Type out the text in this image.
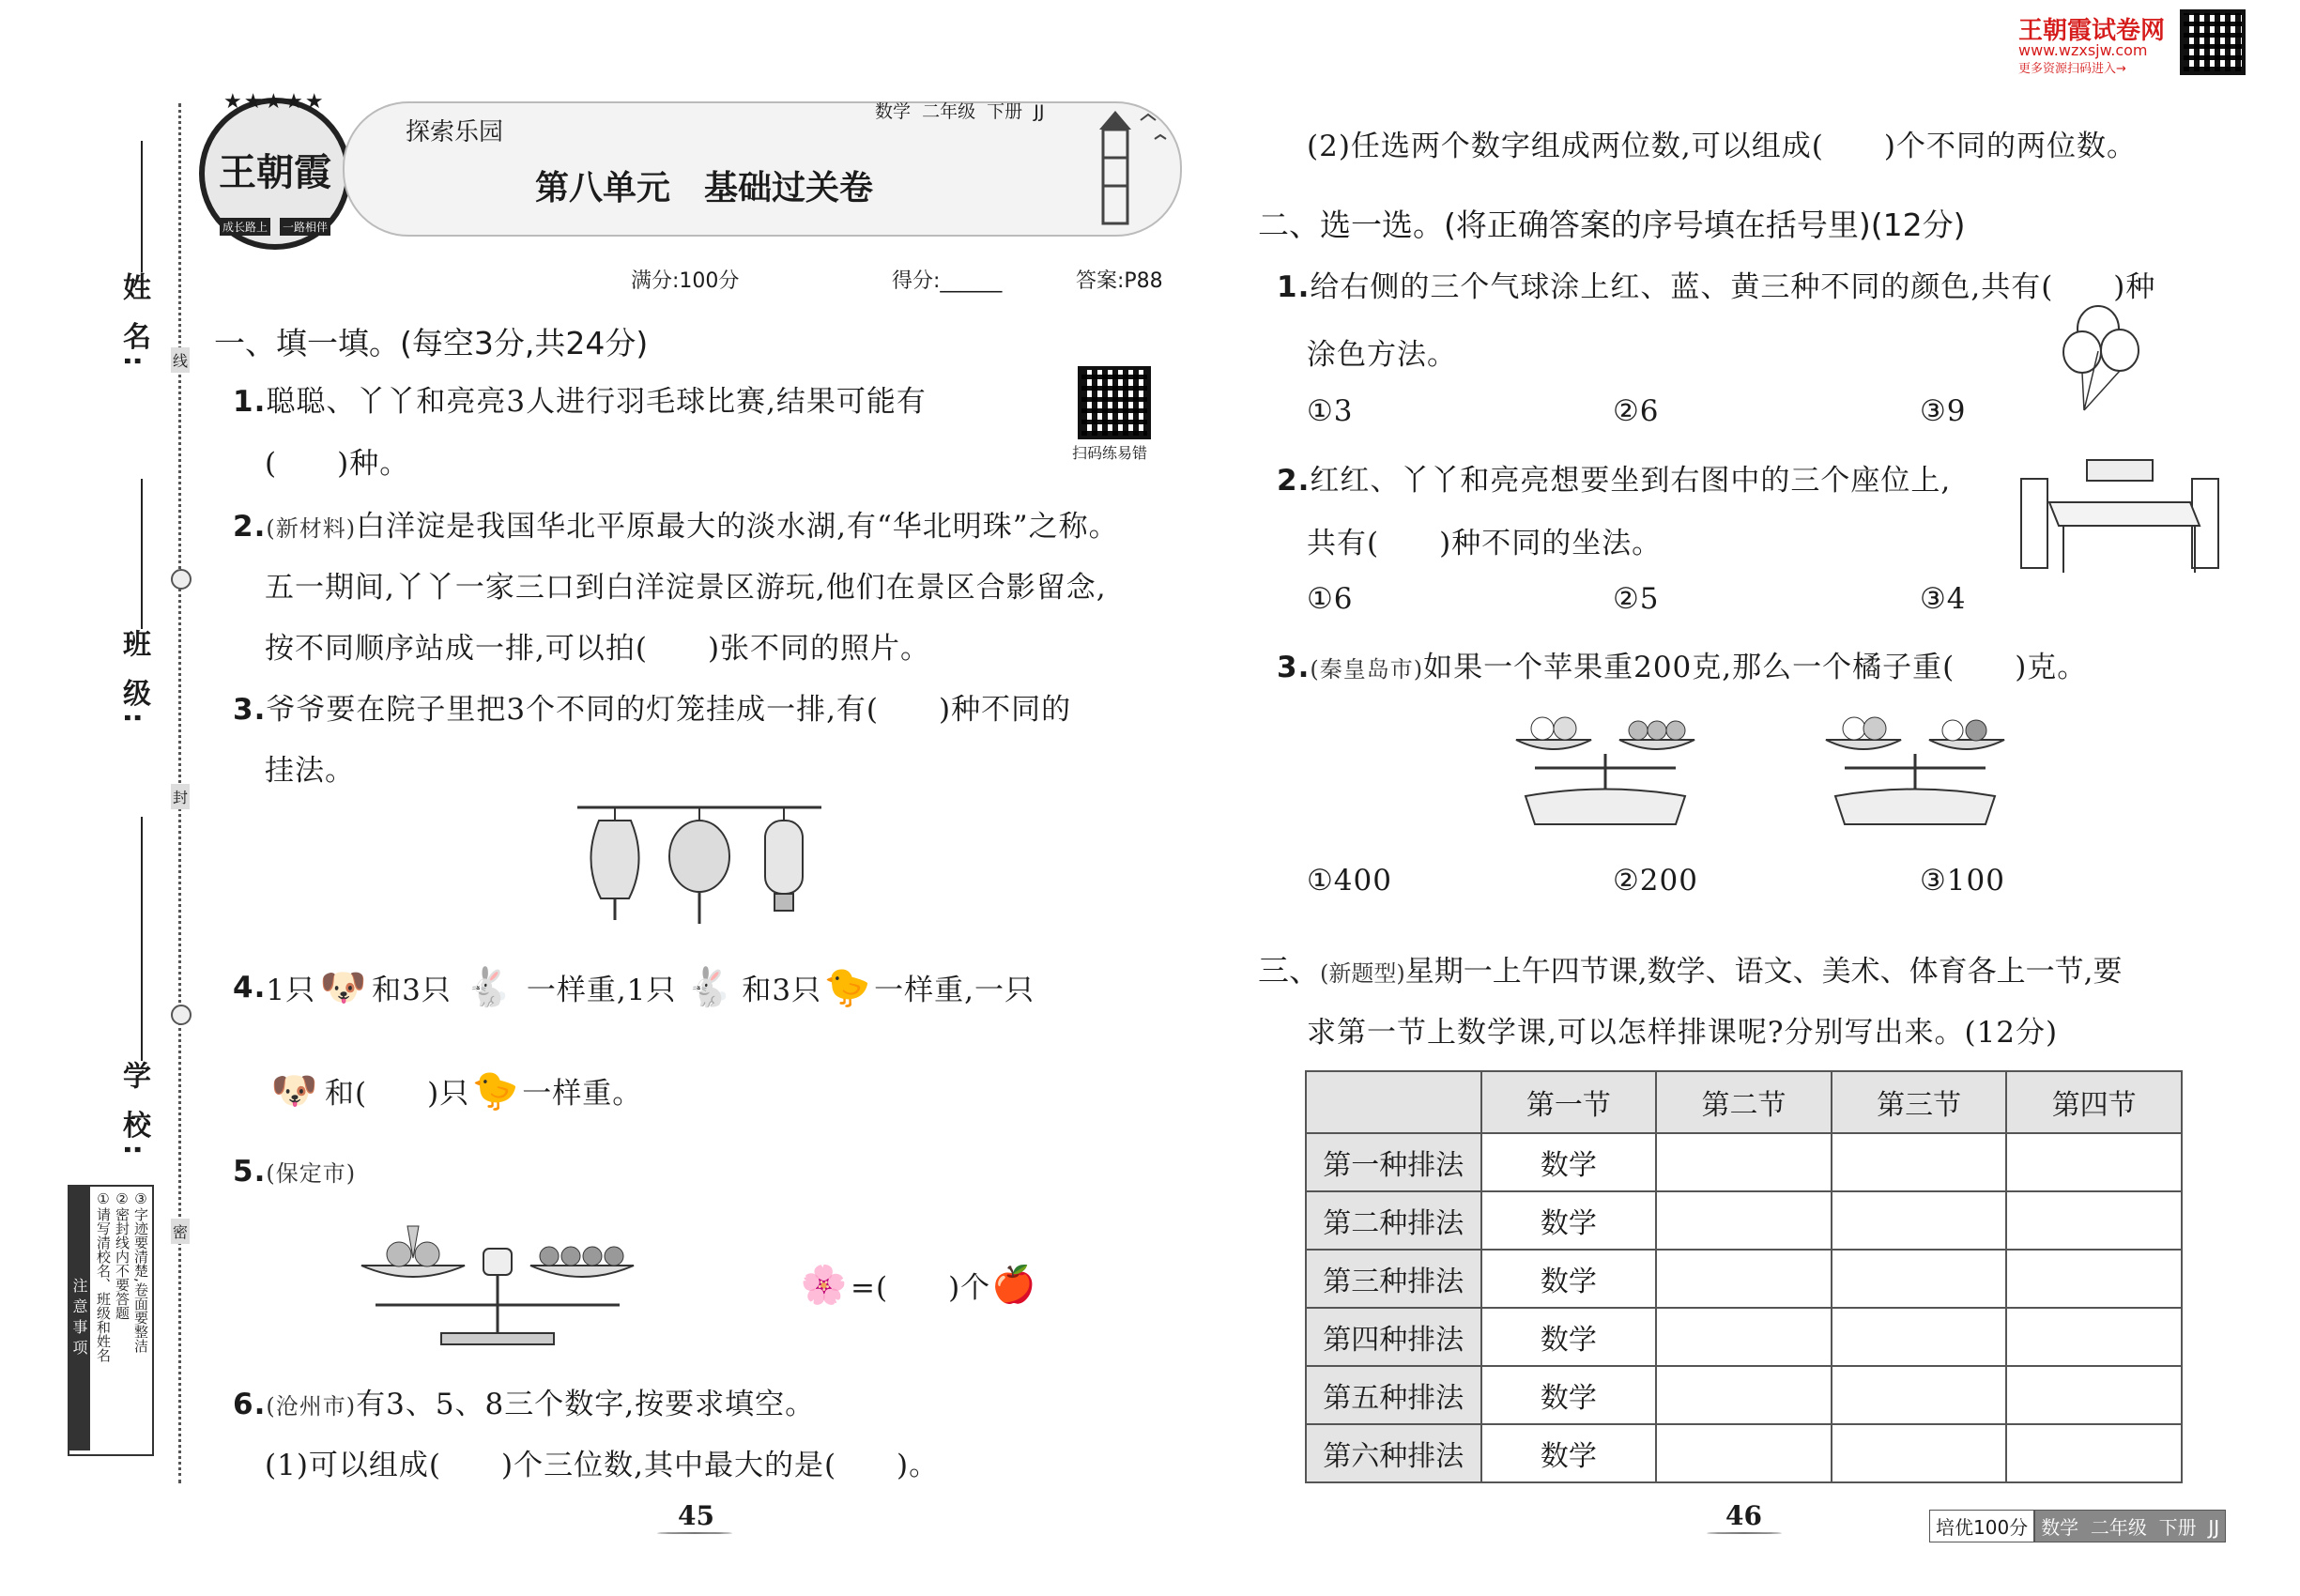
姓 名:
班 级:
学 校:
线
封
密
注意事项 ①请写清校名、班级和姓名 ②密封线内不要答题 ③字迹要清楚,卷面要整洁
★★★★★
王朝霞
成长路上 一路相伴
探索乐园
数学  二年级  下册  JJ
第八单元　基础过关卷
满分:100分	得分:______	答案:P88
王朝霞试卷网
www.wzxsjw.com
更多资源扫码进入→
一、填一填。(每空3分,共24分)
扫码练易错
1.聪聪、丫丫和亮亮3人进行羽毛球比赛,结果可能有
(　　)种。
2.(新材料)白洋淀是我国华北平原最大的淡水湖,有“华北明珠”之称。
五一期间,丫丫一家三口到白洋淀景区游玩,他们在景区合影留念,
按不同顺序站成一排,可以拍(　　)张不同的照片。
3.爷爷要在院子里把3个不同的灯笼挂成一排,有(　　)种不同的
挂法。
4. 1只 🐶 和3只 🐇 一样重,1只 🐇 和3只 🐤 一样重,一只
🐶 和(　　)只 🐤 一样重。
5.(保定市)
🌸 =(　　)个 🍎
6.(沧州市)有3、5、8三个数字,按要求填空。
(1)可以组成(　　)个三位数,其中最大的是(　　)。
(2)任选两个数字组成两位数,可以组成(　　)个不同的两位数。
二、选一选。(将正确答案的序号填在括号里)(12分)
1.给右侧的三个气球涂上红、蓝、黄三种不同的颜色,共有(　　)种
涂色方法。
①3	②6	③9
2.红红、丫丫和亮亮想要坐到右图中的三个座位上,
共有(　　)种不同的坐法。
①6	②5	③4
3.(秦皇岛市)如果一个苹果重200克,那么一个橘子重(　　)克。
①400	②200	③100
三、(新题型)星期一上午四节课,数学、语文、美术、体育各上一节,要
求第一节上数学课,可以怎样排课呢?分别写出来。(12分)
	第一节	第二节	第三节	第四节
第一种排法	数学			
第二种排法	数学			
第三种排法	数学			
第四种排法	数学			
第五种排法	数学			
第六种排法	数学			
45	46	培优100分 数学  二年级  下册  JJ
